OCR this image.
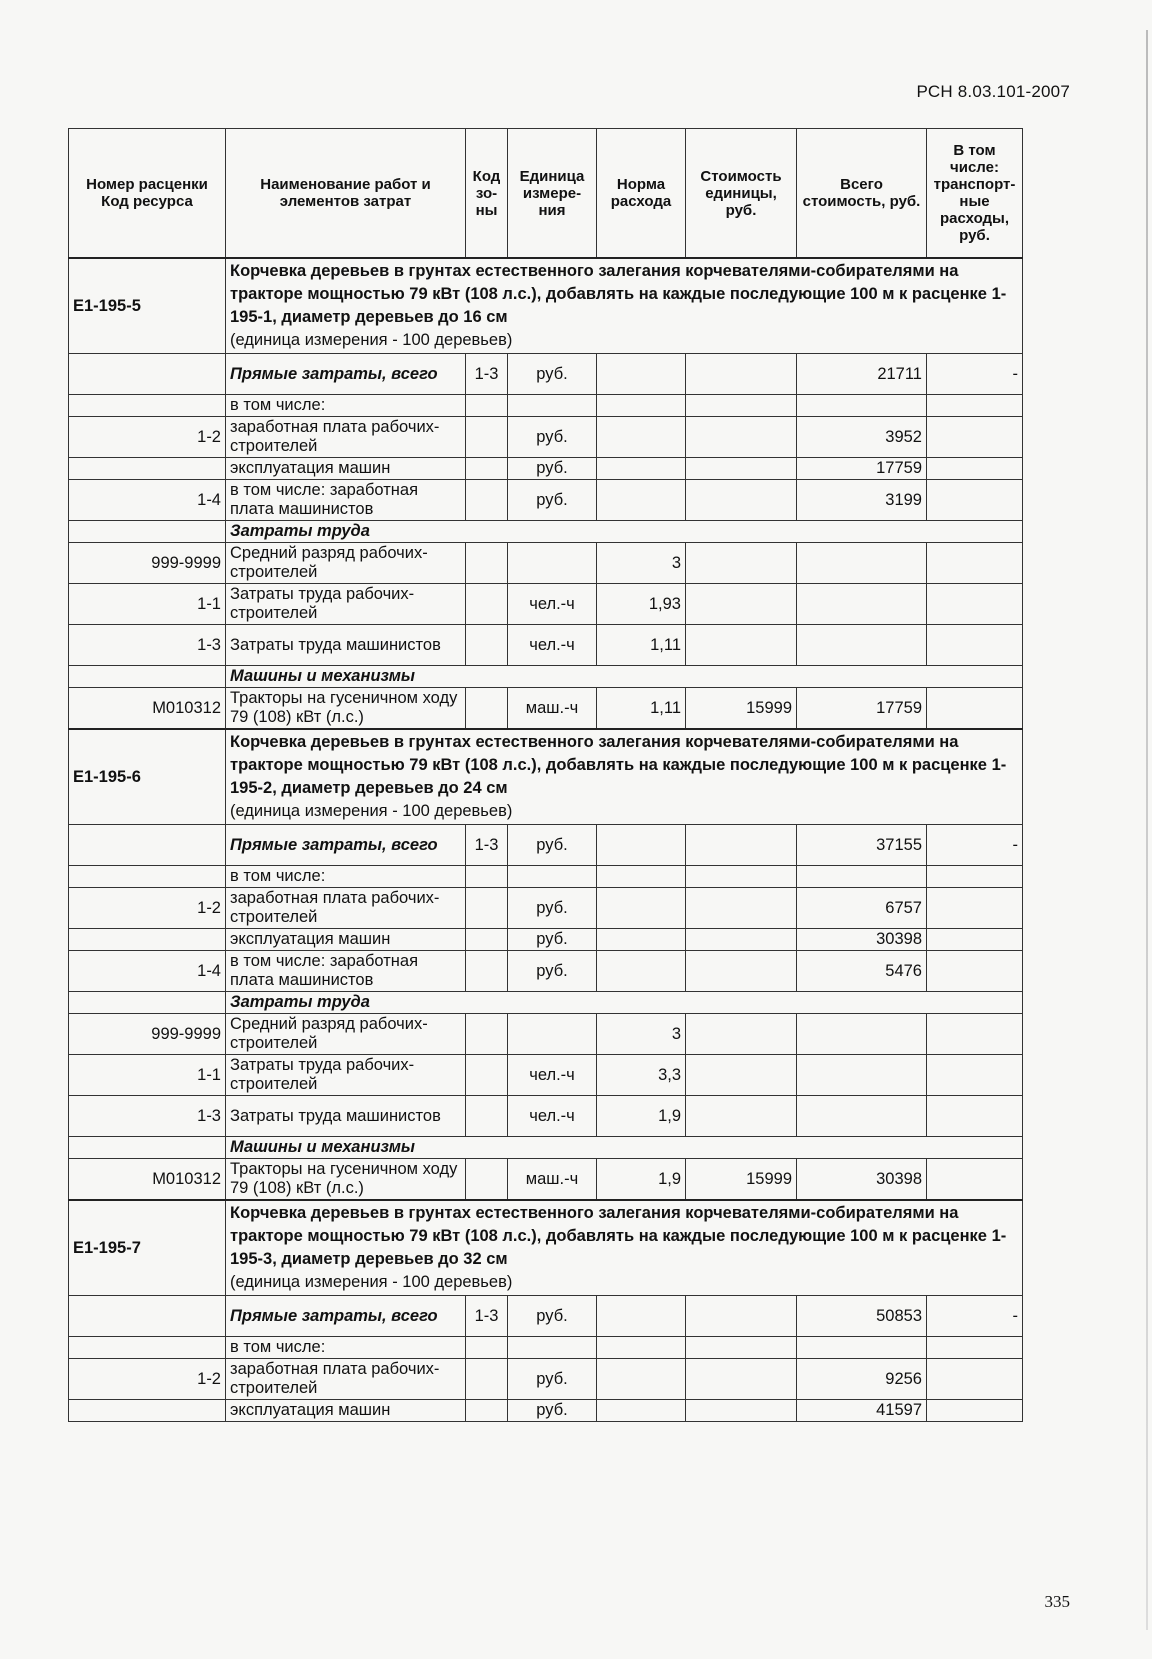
РСН 8.03.101-2007
Номер расценки Код ресурса	Наименование работ и элементов затрат	Код зо-ны	Единица измере-ния	Норма расхода	Стоимость единицы, руб.	Всего стоимость, руб.	В том числе: транспорт-ные расходы, руб.
Е1-195-5	Корчевка деревьев в грунтах естественного залегания корчевателями-собирателями на тракторе мощностью 79 кВт (108 л.с.), добавлять на каждые последующие 100 м к расценке 1-195-1, диаметр деревьев до 16 см
(единица измерения - 100 деревьев)						
	Прямые затраты, всего	1-3	руб.			21711	-
	в том числе:						
1-2	заработная плата рабочих-строителей		руб.			3952	
	эксплуатация машин		руб.			17759	
1-4	в том числе: заработная плата машинистов		руб.			3199	
	Затраты труда						
999-9999	Средний разряд рабочих-строителей			3			
1-1	Затраты труда рабочих-строителей		чел.-ч	1,93			
1-3	Затраты труда машинистов		чел.-ч	1,11			
	Машины и механизмы						
М010312	Тракторы на гусеничном ходу 79 (108) кВт (л.с.)		маш.-ч	1,11	15999	17759	
Е1-195-6	Корчевка деревьев в грунтах естественного залегания корчевателями-собирателями на тракторе мощностью 79 кВт (108 л.с.), добавлять на каждые последующие 100 м к расценке 1-195-2, диаметр деревьев до 24 см
(единица измерения - 100 деревьев)						
	Прямые затраты, всего	1-3	руб.			37155	-
	в том числе:						
1-2	заработная плата рабочих-строителей		руб.			6757	
	эксплуатация машин		руб.			30398	
1-4	в том числе: заработная плата машинистов		руб.			5476	
	Затраты труда						
999-9999	Средний разряд рабочих-строителей			3			
1-1	Затраты труда рабочих-строителей		чел.-ч	3,3			
1-3	Затраты труда машинистов		чел.-ч	1,9			
	Машины и механизмы						
М010312	Тракторы на гусеничном ходу 79 (108) кВт (л.с.)		маш.-ч	1,9	15999	30398	
Е1-195-7	Корчевка деревьев в грунтах естественного залегания корчевателями-собирателями на тракторе мощностью 79 кВт (108 л.с.), добавлять на каждые последующие 100 м к расценке 1-195-3, диаметр деревьев до 32 см
(единица измерения - 100 деревьев)						
	Прямые затраты, всего	1-3	руб.			50853	-
	в том числе:						
1-2	заработная плата рабочих-строителей		руб.			9256	
	эксплуатация машин		руб.			41597	
335
